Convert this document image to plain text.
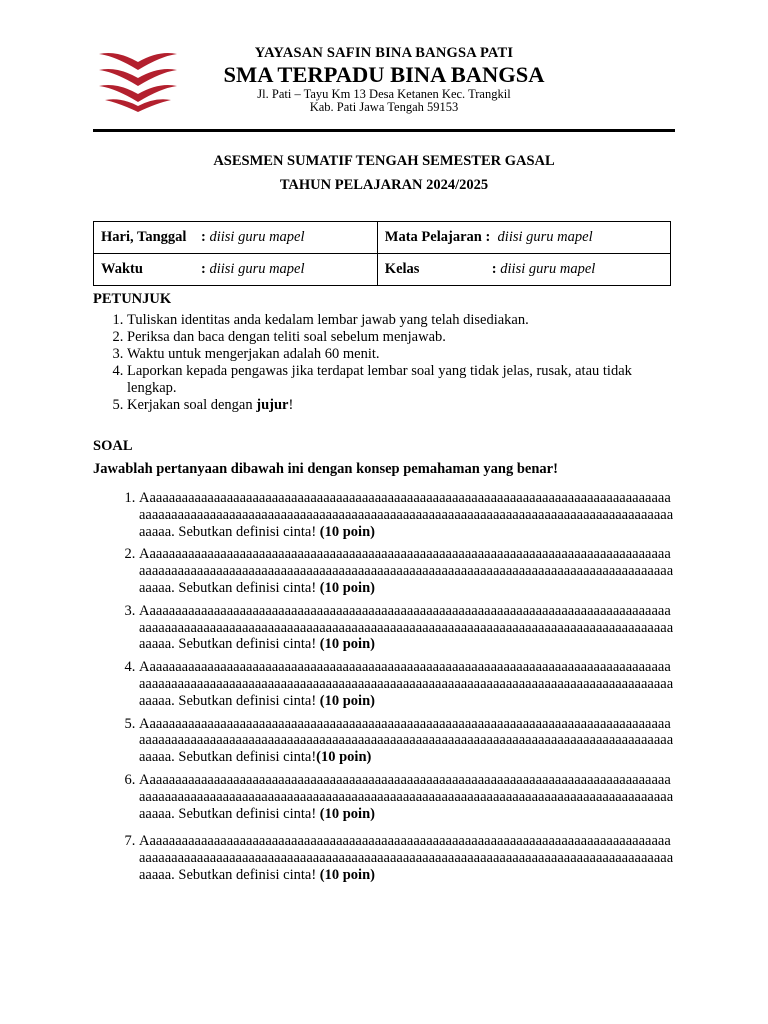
YAYASAN SAFIN BINA BANGSA PATI
SMA TERPADU BINA BANGSA
Jl. Pati – Tayu Km 13 Desa Ketanen Kec. Trangkil
Kab. Pati Jawa Tengah 59153
ASESMEN SUMATIF TENGAH SEMESTER GASAL
TAHUN PELAJARAN 2024/2025
Hari, Tanggal : diisi guru mapel	Mata Pelajaran : diisi guru mapel
Waktu : diisi guru mapel	Kelas : diisi guru mapel
PETUNJUK
1. Tuliskan identitas anda kedalam lembar jawab yang telah disediakan.
2. Periksa dan baca dengan teliti soal sebelum menjawab.
3. Waktu untuk mengerjakan adalah 60 menit.
4. Laporkan kepada pengawas jika terdapat lembar soal yang tidak jelas, rusak, atau tidak lengkap.
5. Kerjakan soal dengan jujur!
SOAL
Jawablah pertanyaan dibawah ini dengan konsep pemahaman yang benar!
1. Aaaaaaaaaaaaaaaaaaaaaaaaaaaaaaaaaaaaaaaaaaaaaaaaaaaaaaaaaaaaaaaaaaaaaaaaaaaaaaaaaaaaaaaaaaaaaaaaaaaaaaaaaaaaaaaaaaaaaaaaaaaaaaaaaaaaaaaaaaaaaaaaaaaaaaaaaaaaaaaaaaaaaaaaaa. Sebutkan definisi cinta! (10 poin)
2. Aaaaaaaaaaaaaaaaaaaaaaaaaaaaaaaaaaaaaaaaaaaaaaaaaaaaaaaaaaaaaaaaaaaaaaaaaaaaaaaaaaaaaaaaaaaaaaaaaaaaaaaaaaaaaaaaaaaaaaaaaaaaaaaaaaaaaaaaaaaaaaaaaaaaaaaaaaaaaaaaaaaaaaaaaa. Sebutkan definisi cinta! (10 poin)
3. Aaaaaaaaaaaaaaaaaaaaaaaaaaaaaaaaaaaaaaaaaaaaaaaaaaaaaaaaaaaaaaaaaaaaaaaaaaaaaaaaaaaaaaaaaaaaaaaaaaaaaaaaaaaaaaaaaaaaaaaaaaaaaaaaaaaaaaaaaaaaaaaaaaaaaaaaaaaaaaaaaaaaaaaaaa. Sebutkan definisi cinta! (10 poin)
4. Aaaaaaaaaaaaaaaaaaaaaaaaaaaaaaaaaaaaaaaaaaaaaaaaaaaaaaaaaaaaaaaaaaaaaaaaaaaaaaaaaaaaaaaaaaaaaaaaaaaaaaaaaaaaaaaaaaaaaaaaaaaaaaaaaaaaaaaaaaaaaaaaaaaaaaaaaaaaaaaaaaaaaaaaaa. Sebutkan definisi cinta! (10 poin)
5. Aaaaaaaaaaaaaaaaaaaaaaaaaaaaaaaaaaaaaaaaaaaaaaaaaaaaaaaaaaaaaaaaaaaaaaaaaaaaaaaaaaaaaaaaaaaaaaaaaaaaaaaaaaaaaaaaaaaaaaaaaaaaaaaaaaaaaaaaaaaaaaaaaaaaaaaaaaaaaaaaaaaaaaaaaa. Sebutkan definisi cinta!(10 poin)
6. Aaaaaaaaaaaaaaaaaaaaaaaaaaaaaaaaaaaaaaaaaaaaaaaaaaaaaaaaaaaaaaaaaaaaaaaaaaaaaaaaaaaaaaaaaaaaaaaaaaaaaaaaaaaaaaaaaaaaaaaaaaaaaaaaaaaaaaaaaaaaaaaaaaaaaaaaaaaaaaaaaaaaaaaaaa. Sebutkan definisi cinta! (10 poin)
7. Aaaaaaaaaaaaaaaaaaaaaaaaaaaaaaaaaaaaaaaaaaaaaaaaaaaaaaaaaaaaaaaaaaaaaaaaaaaaaaaaaaaaaaaaaaaaaaaaaaaaaaaaaaaaaaaaaaaaaaaaaaaaaaaaaaaaaaaaaaaaaaaaaaaaaaaaaaaaaaaaaaaaaaaaaa. Sebutkan definisi cinta! (10 poin)
